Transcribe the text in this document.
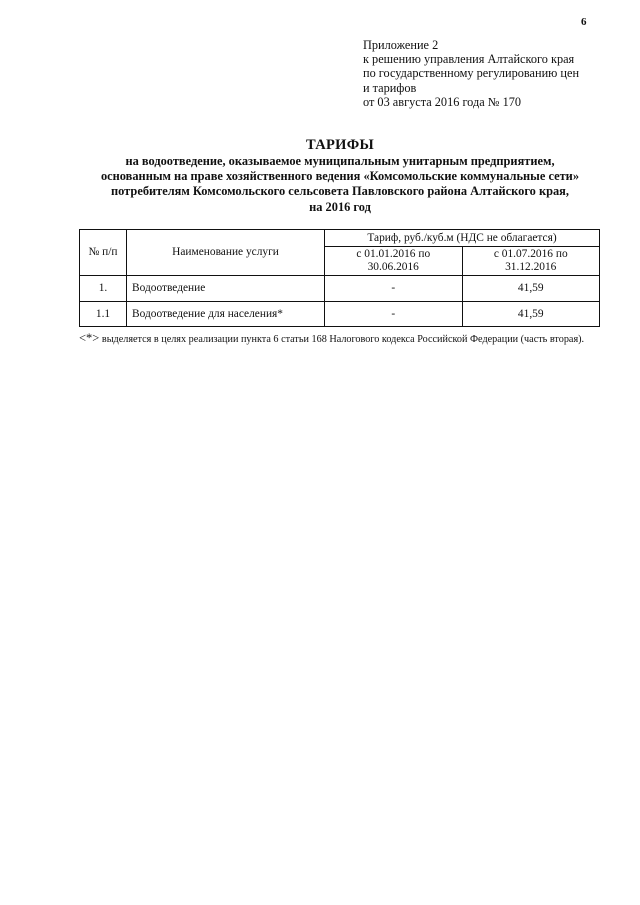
6
Приложение 2
к решению управления Алтайского края
по государственному регулированию цен
и тарифов
от 03 августа 2016 года № 170
ТАРИФЫ
на водоотведение, оказываемое муниципальным унитарным предприятием,
основанным на праве хозяйственного ведения «Комсомольские коммунальные сети»
потребителям Комсомольского сельсовета Павловского района Алтайского края,
на 2016 год
№ п/п	Наименование услуги	Тариф, руб./куб.м (НДС не облагается)	
		с 01.01.2016 по 30.06.2016	с 01.07.2016 по 31.12.2016
1.	Водоотведение	-	41,59
1.1	Водоотведение для населения*	-	41,59
<*> выделяется в целях реализации пункта 6 статьи 168 Налогового кодекса Российской Федерации (часть вторая).
